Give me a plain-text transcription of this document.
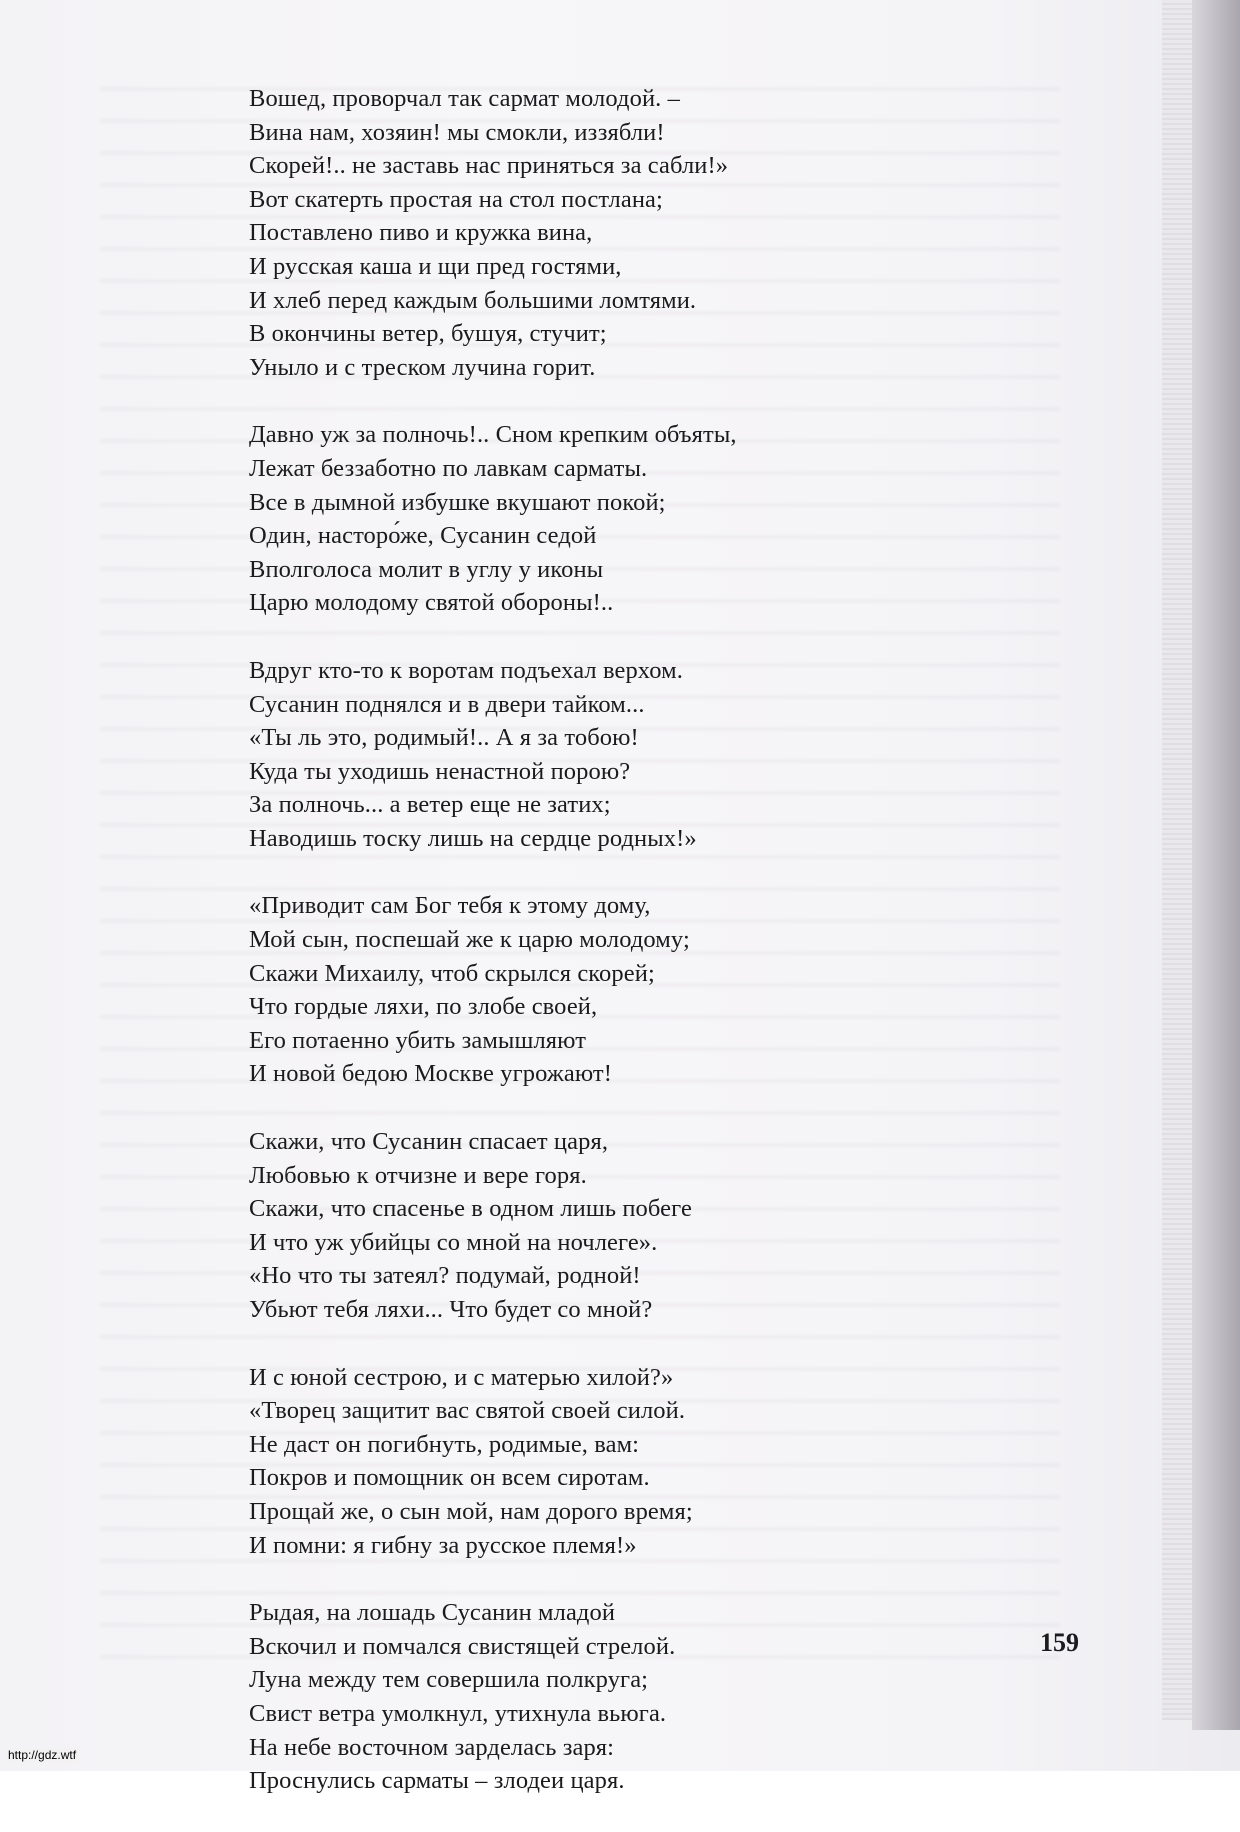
Вошед, проворчал так сармат молодой. –
Вина нам, хозяин! мы смокли, иззябли!
Скорей!.. не заставь нас приняться за сабли!»
Вот скатерть простая на стол постлана;
Поставлено пиво и кружка вина,
И русская каша и щи пред гостями,
И хлеб перед каждым большими ломтями.
В окончины ветер, бушуя, стучит;
Уныло и с треском лучина горит.
Давно уж за полночь!.. Сном крепким объяты,
Лежат беззаботно по лавкам сарматы.
Все в дымной избушке вкушают покой;
Один, насторо́же, Сусанин седой
Вполголоса молит в углу у иконы
Царю молодому святой обороны!..
Вдруг кто-то к воротам подъехал верхом.
Сусанин поднялся и в двери тайком...
«Ты ль это, родимый!.. А я за тобою!
Куда ты уходишь ненастной порою?
За полночь... а ветер еще не затих;
Наводишь тоску лишь на сердце родных!»
«Приводит сам Бог тебя к этому дому,
Мой сын, поспешай же к царю молодому;
Скажи Михаилу, чтоб скрылся скорей;
Что гордые ляхи, по злобе своей,
Его потаенно убить замышляют
И новой бедою Москве угрожают!
Скажи, что Сусанин спасает царя,
Любовью к отчизне и вере горя.
Скажи, что спасенье в одном лишь побеге
И что уж убийцы со мной на ночлеге».
«Но что ты затеял? подумай, родной!
Убьют тебя ляхи... Что будет со мной?
И с юной сестрою, и с матерью хилой?»
«Творец защитит вас святой своей силой.
Не даст он погибнуть, родимые, вам:
Покров и помощник он всем сиротам.
Прощай же, о сын мой, нам дорого время;
И помни: я гибну за русское племя!»
Рыдая, на лошадь Сусанин младой
Вскочил и помчался свистящей стрелой.
Луна между тем совершила полкруга;
Свист ветра умолкнул, утихнула вьюга.
На небе восточном зарделась заря:
Проснулись сарматы – злодеи царя.
159
http://gdz.wtf
